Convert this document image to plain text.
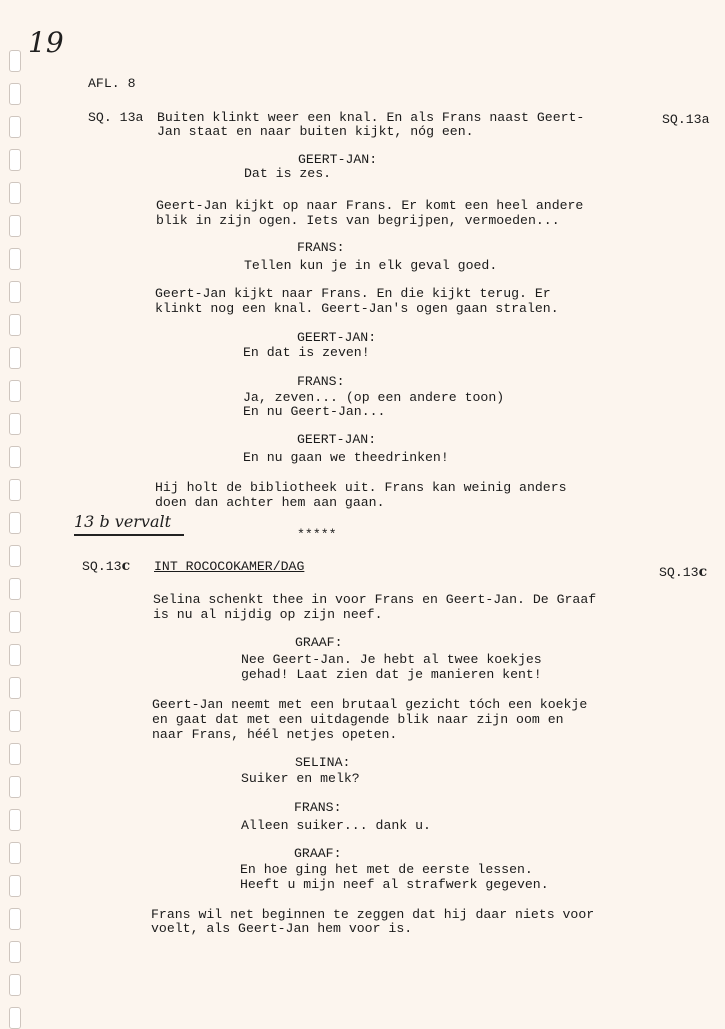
19
AFL. 8
SQ. 13a	SQ.13a
Buiten klinkt weer een knal. En als Frans naast Geert-
Jan staat en naar buiten kijkt, nóg een.
GEERT-JAN:
Dat is zes.
Geert-Jan kijkt op naar Frans. Er komt een heel andere
blik in zijn ogen. Iets van begrijpen, vermoeden...
FRANS:
Tellen kun je in elk geval goed.
Geert-Jan kijkt naar Frans. En die kijkt terug. Er
klinkt nog een knal. Geert-Jan's ogen gaan stralen.
GEERT-JAN:
En dat is zeven!
FRANS:
Ja, zeven... (op een andere toon)
En nu Geert-Jan...
GEERT-JAN:
En nu gaan we theedrinken!
Hij holt de bibliotheek uit. Frans kan weinig anders
doen dan achter hem aan gaan.
13 b vervalt
*****
SQ.13c	SQ.13c
INT ROCOCOKAMER/DAG
Selina schenkt thee in voor Frans en Geert-Jan. De Graaf
is nu al nijdig op zijn neef.
GRAAF:
Nee Geert-Jan. Je hebt al twee koekjes
gehad! Laat zien dat je manieren kent!
Geert-Jan neemt met een brutaal gezicht tóch een koekje
en gaat dat met een uitdagende blik naar zijn oom en
naar Frans, héél netjes opeten.
SELINA:
Suiker en melk?
FRANS:
Alleen suiker... dank u.
GRAAF:
En hoe ging het met de eerste lessen.
Heeft u mijn neef al strafwerk gegeven.
Frans wil net beginnen te zeggen dat hij daar niets voor
voelt, als Geert-Jan hem voor is.
